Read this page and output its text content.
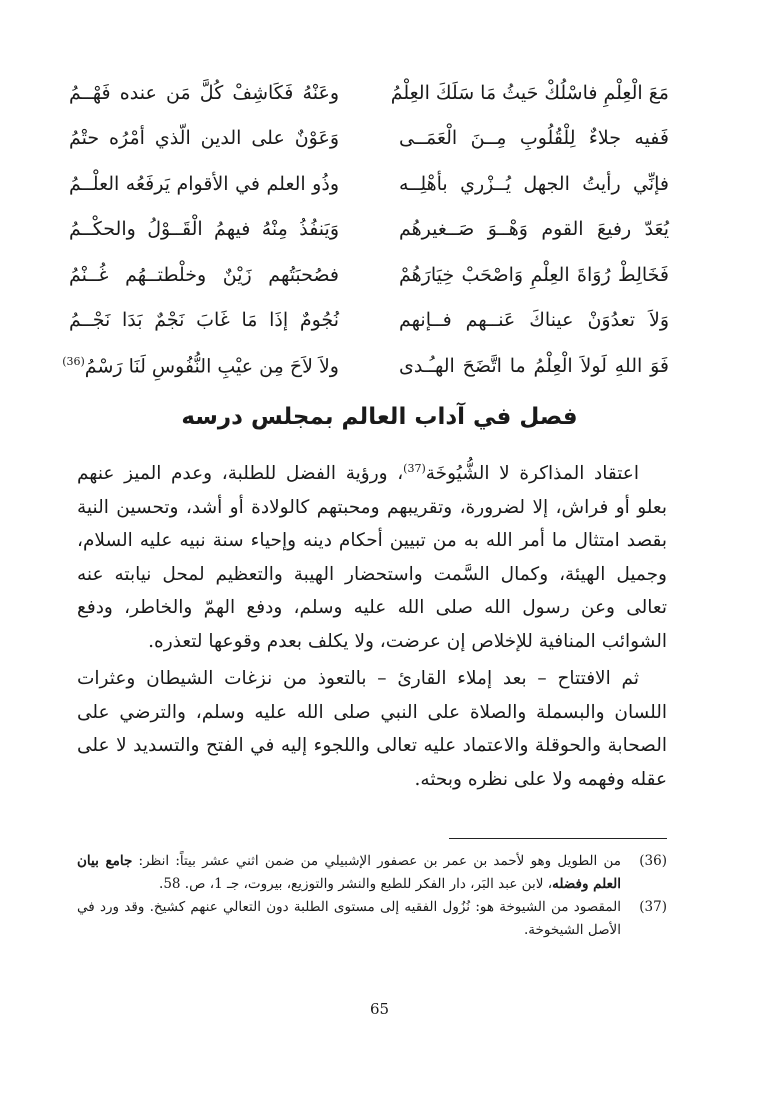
مَعَ الْعِلْمِ فاسْلُكْ حَيثُ مَا سَلَكَ العِلْمُ
وعَنْهُ فَكَاشِفْ كُلَّ مَن عنده فَهْــمُ
فَفيه جلاءٌ لِلْقُلُوبِ مِــنَ الْعَمَــى
وَعَوْنٌ على الدين الّذي أمْرُه حتْمُ
فإنِّي رأيتُ الجهل يُــزْري بأهْلِــه
وذُو العلم في الأقوام يَرفَعُه العلْــمُ
يُعَدّ رفيعَ القوم وَهْــوَ صَــغيرهُم
وَيَنفُذُ مِنْهُ فيهمُ الْقَــوْلُ والحكْــمُ
فَخَالِطْ رُوَاةَ العِلْمِ وَاصْحَبْ خِيَارَهُمْ
فصُحبَتُهم زَيْنٌ وخلْطتــهُم غُــنْمُ
وَلاَ تعدُوَنْ عيناكَ عَنــهم فــإنهم
نُجُومٌ إذَا مَا غَابَ نَجْمٌ بَدَا نَجْــمُ
فَوَ اللهِ لَولاَ الْعِلْمُ ما اتَّضَحَ الهـُـدى
ولاَ لاَحَ مِن عيْبِ النُّفُوسِ لَنَا رَسْمُ$^{(36)}$
فصل في آداب العالم بمجلس درسه

اعتقاد المذاكرة لا الشُّيُوخَة$^{(37)}$، ورؤية الفضل للطلبة، وعدم الميز عنهم بعلو أو فراش، إلا لضرورة، وتقريبهم ومحبتهم كالولادة أو أشد، وتحسين النية بقصد امتثال ما أمر الله به من تبيين أحكام دينه وإحياء سنة نبيه عليه السلام، وجميل الهيئة، وكمال السَّمت واستحضار الهيبة والتعظيم لمحل نيابته عنه تعالى وعن رسول الله صلى الله عليه وسلم، ودفع الهمّ والخاطر، ودفع الشوائب المنافية للإخلاص إن عرضت، ولا يكلف بعدم وقوعها لتعذره.

ثم الافتتاح – بعد إملاء القارئ – بالتعوذ من نزغات الشيطان وعثرات اللسان والبسملة والصلاة على النبي صلى الله عليه وسلم، والترضي على الصحابة والحوقلة والاعتماد عليه تعالى واللجوء إليه في الفتح والتسديد لا على عقله وفهمه ولا على نظره وبحثه.

(36)
من الطويل وهو لأحمد بن عمر بن عصفور الإشبيلي من ضمن اثني عشر بيتاً: انظر: جامع بيان العلم وفضله، لابن عبد البَر، دار الفكر للطبع والنشر والتوزيع، بيروت، جـ 1، ص. 58.
(37)
المقصود من الشيوخة هو: نُزُول الفقيه إلى مستوى الطلبة دون التعالي عنهم كشيخ. وقد ورد في الأصل الشيخوخة.
65
